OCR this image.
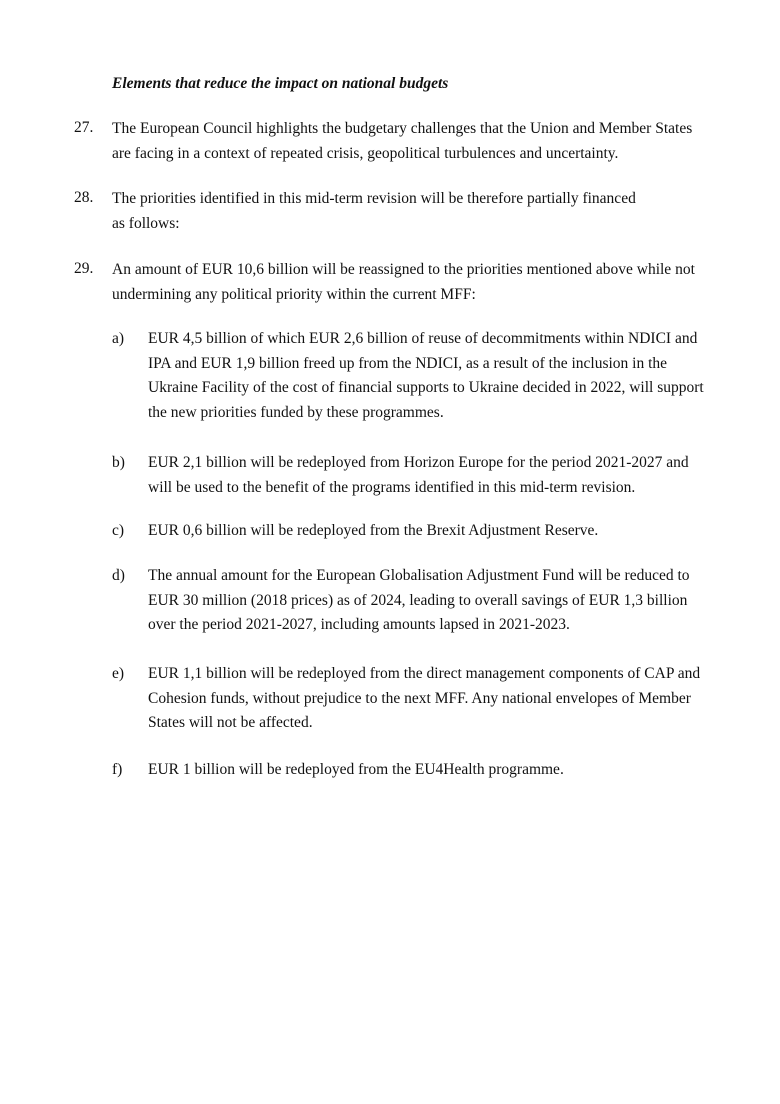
Elements that reduce the impact on national budgets

27.	The European Council highlights the budgetary challenges that the Union and Member States are facing in a context of repeated crisis, geopolitical turbulences and uncertainty.
28.	The priorities identified in this mid-term revision will be therefore partially financed as follows:
29.	An amount of EUR 10,6 billion will be reassigned to the priorities mentioned above while not undermining any political priority within the current MFF:
a)	EUR 4,5 billion of which EUR 2,6 billion of reuse of decommitments within NDICI and IPA and EUR 1,9 billion freed up from the NDICI, as a result of the inclusion in the Ukraine Facility of the cost of financial supports to Ukraine decided in 2022, will support the new priorities funded by these programmes.
b)	EUR 2,1 billion will be redeployed from Horizon Europe for the period 2021-2027 and will be used to the benefit of the programs identified in this mid-term revision.
c)	EUR 0,6 billion will be redeployed from the Brexit Adjustment Reserve.
d)	The annual amount for the European Globalisation Adjustment Fund will be reduced to EUR 30 million (2018 prices) as of 2024, leading to overall savings of EUR 1,3 billion over the period 2021-2027, including amounts lapsed in 2021-2023.
e)	EUR 1,1 billion will be redeployed from the direct management components of CAP and Cohesion funds, without prejudice to the next MFF. Any national envelopes of Member States will not be affected.
f)	EUR 1 billion will be redeployed from the EU4Health programme.
